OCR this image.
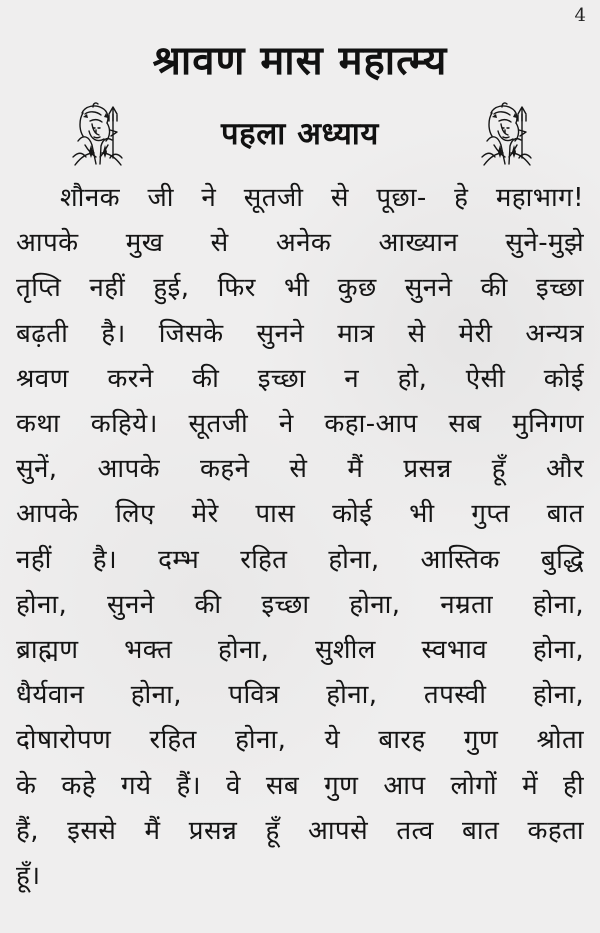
4
श्रावण मास महात्म्य
पहला अध्याय
शौनक जी ने सूतजी से पूछा- हे महाभाग!
आपके मुख से अनेक आख्यान सुने-मुझे
तृप्ति नहीं हुई, फिर भी कुछ सुनने की इच्छा
बढ़ती है। जिसके सुनने मात्र से मेरी अन्यत्र
श्रवण करने की इच्छा न हो, ऐसी कोई
कथा कहिये। सूतजी ने कहा-आप सब मुनिगण
सुनें, आपके कहने से मैं प्रसन्न हूँ और
आपके लिए मेरे पास कोई भी गुप्त बात
नहीं है। दम्भ रहित होना, आस्तिक बुद्धि
होना, सुनने की इच्छा होना, नम्रता होना,
ब्राह्मण भक्त होना, सुशील स्वभाव होना,
धैर्यवान होना, पवित्र होना, तपस्वी होना,
दोषारोपण रहित होना, ये बारह गुण श्रोता
के कहे गये हैं। वे सब गुण आप लोगों में ही
हैं, इससे मैं प्रसन्न हूँ आपसे तत्व बात कहता
हूँ।
